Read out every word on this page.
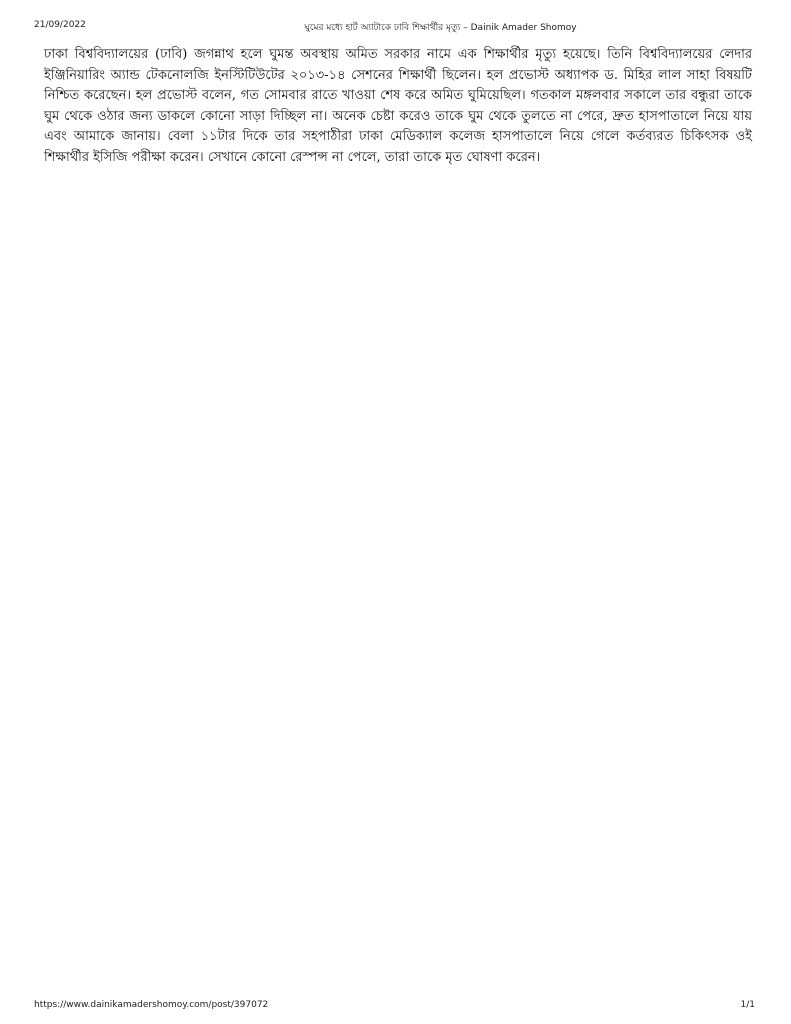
21/09/2022	ঘুমের মধ্যে হার্ট অ্যাটাকে ঢাবি শিক্ষার্থীর মৃত্যু – Dainik Amader Shomoy

ঢাকা বিশ্ববিদ্যালয়ের (ঢাবি) জগন্নাথ হলে ঘুমন্ত অবস্থায় অমিত সরকার নামে এক শিক্ষার্থীর মৃত্যু হয়েছে। তিনি বিশ্ববিদ্যালয়ের লেদার ইঞ্জিনিয়ারিং অ্যান্ড টেকনোলজি ইনস্টিটিউটের ২০১৩-১৪ সেশনের শিক্ষার্থী ছিলেন। হল প্রভোস্ট অধ্যাপক ড. মিহির লাল সাহা বিষয়টি নিশ্চিত করেছেন। হল প্রভোস্ট বলেন, গত সোমবার রাতে খাওয়া শেষ করে অমিত ঘুমিয়েছিল। গতকাল মঙ্গলবার সকালে তার বন্ধুরা তাকে ঘুম থেকে ওঠার জন্য ডাকলে কোনো সাড়া দিচ্ছিল না। অনেক চেষ্টা করেও তাকে ঘুম থেকে তুলতে না পেরে, দ্রুত হাসপাতালে নিয়ে যায় এবং আমাকে জানায়। বেলা ১১টার দিকে তার সহপাঠীরা ঢাকা মেডিক্যাল কলেজ হাসপাতালে নিয়ে গেলে কর্তব্যরত চিকিৎসক ওই শিক্ষার্থীর ইসিজি পরীক্ষা করেন। সেখানে কোনো রেস্পন্স না পেলে, তারা তাকে মৃত ঘোষণা করেন।

https://www.dainikamadershomoy.com/post/397072	1/1
